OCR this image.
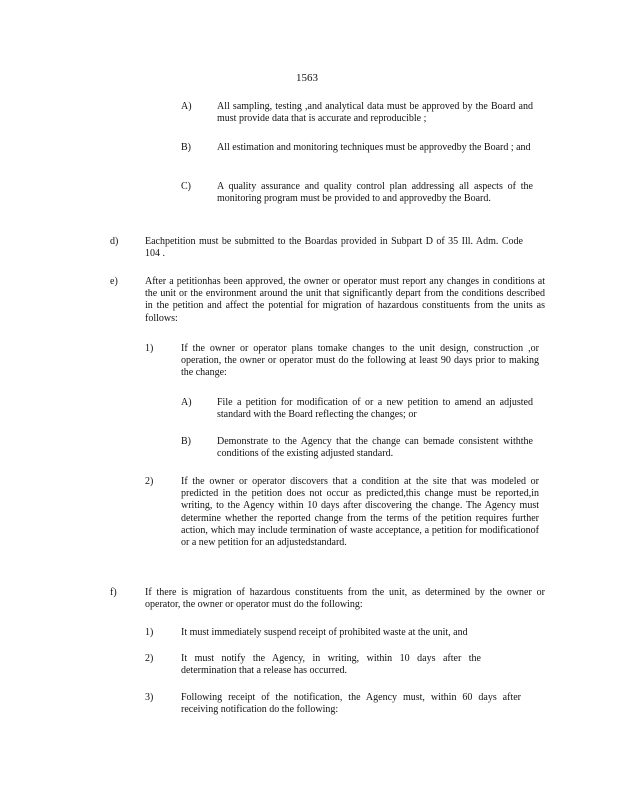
1563
A)	All sampling, testing ,and analytical data must be approved by the Board and must provide data that is accurate and reproducible ;
B)	All estimation and monitoring techniques must be approvedby the Board ; and
C)	A quality assurance and quality control plan addressing all aspects of the monitoring program must be provided to and approvedby the Board.
d)	Eachpetition must be submitted to the Boardas provided in Subpart D of 35 Ill. Adm. Code 104 .
e)	After a petitionhas been approved, the owner or operator must report any changes in conditions at the unit or the environment around the unit that significantly depart from the conditions described in the petition and affect the potential for migration of hazardous constituents from the units as follows:
1)	If the owner or operator plans tomake changes to the unit design, construction ,or operation, the owner or operator must do the following at least 90 days prior to making the change:
A)	File a petition for modification of or a new petition to amend an adjusted standard with the Board reflecting the changes; or
B)	Demonstrate to the Agency that the change can bemade consistent withthe conditions of the existing adjusted standard.
2)	If the owner or operator discovers that a condition at the site that was modeled or predicted in the petition does not occur as predicted,this change must be reported,in writing, to the Agency within 10 days after discovering the change. The Agency must determine whether the reported change from the terms of the petition requires further action, which may include termination of waste acceptance, a petition for modificationof or a new petition for an adjustedstandard.
f)	If there is migration of hazardous constituents from the unit, as determined by the owner or operator, the owner or operator must do the following:
1)	It must immediately suspend receipt of prohibited waste at the unit, and
2)	It must notify the Agency, in writing, within 10 days after the determination that a release has occurred.
3)	Following receipt of the notification, the Agency must, within 60 days after receiving notification do the following:
